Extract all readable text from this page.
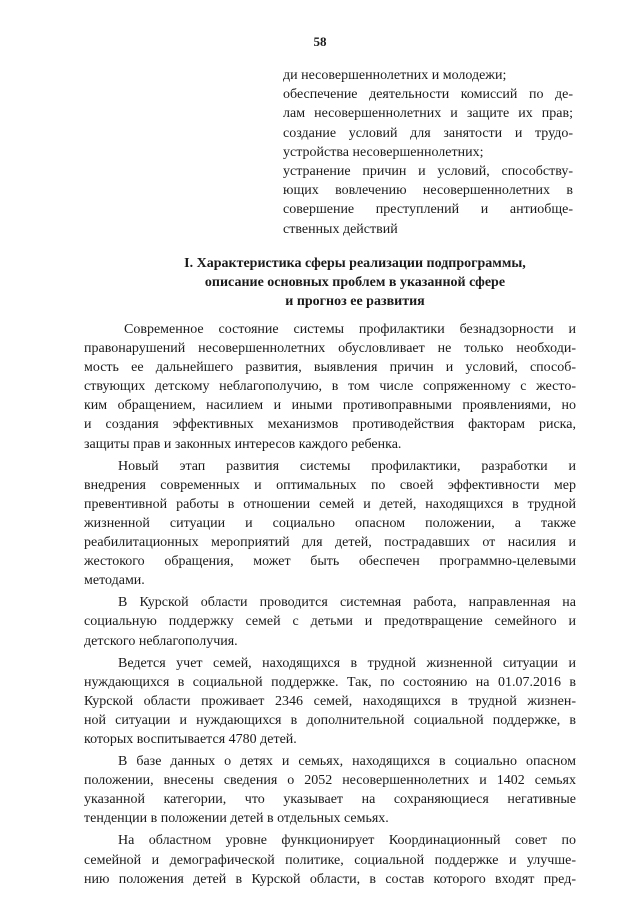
58
ди несовершеннолетних и молодежи;
обеспечение деятельности комиссий по де-
лам несовершеннолетних и защите их прав;
создание условий для занятости и трудо-
устройства несовершеннолетних;
устранение причин и условий, способству-
ющих вовлечению несовершеннолетних в
совершение преступлений и антиобще-
ственных действий
I. Характеристика сферы реализации подпрограммы,
описание основных проблем в указанной сфере
и прогноз ее развития

Современное состояние системы профилактики безнадзорности и
правонарушений несовершеннолетних обусловливает не только необходи-
мость ее дальнейшего развития, выявления причин и условий, способ-
ствующих детскому неблагополучию, в том числе сопряженному с жесто-
ким обращением, насилием и иными противоправными проявлениями, но
и создания эффективных механизмов противодействия факторам риска,
защиты прав и законных интересов каждого ребенка.

Новый этап развития системы профилактики, разработки и
внедрения современных и оптимальных по своей эффективности мер
превентивной работы в отношении семей и детей, находящихся в трудной
жизненной ситуации и социально опасном положении, а также
реабилитационных мероприятий для детей, пострадавших от насилия и
жестокого обращения, может быть обеспечен программно-целевыми
методами.

В Курской области проводится системная работа, направленная на
социальную поддержку семей с детьми и предотвращение семейного и
детского неблагополучия.

Ведется учет семей, находящихся в трудной жизненной ситуации и
нуждающихся в социальной поддержке. Так, по состоянию на 01.07.2016 в
Курской области проживает 2346 семей, находящихся в трудной жизнен-
ной ситуации и нуждающихся в дополнительной социальной поддержке, в
которых воспитывается 4780 детей.

В базе данных о детях и семьях, находящихся в социально опасном
положении, внесены сведения о 2052 несовершеннолетних и 1402 семьях
указанной категории, что указывает на сохраняющиеся негативные
тенденции в положении детей в отдельных семьях.

На областном уровне функционирует Координационный совет по
семейной и демографической политике, социальной поддержке и улучше-
нию положения детей в Курской области, в состав которого входят пред-
